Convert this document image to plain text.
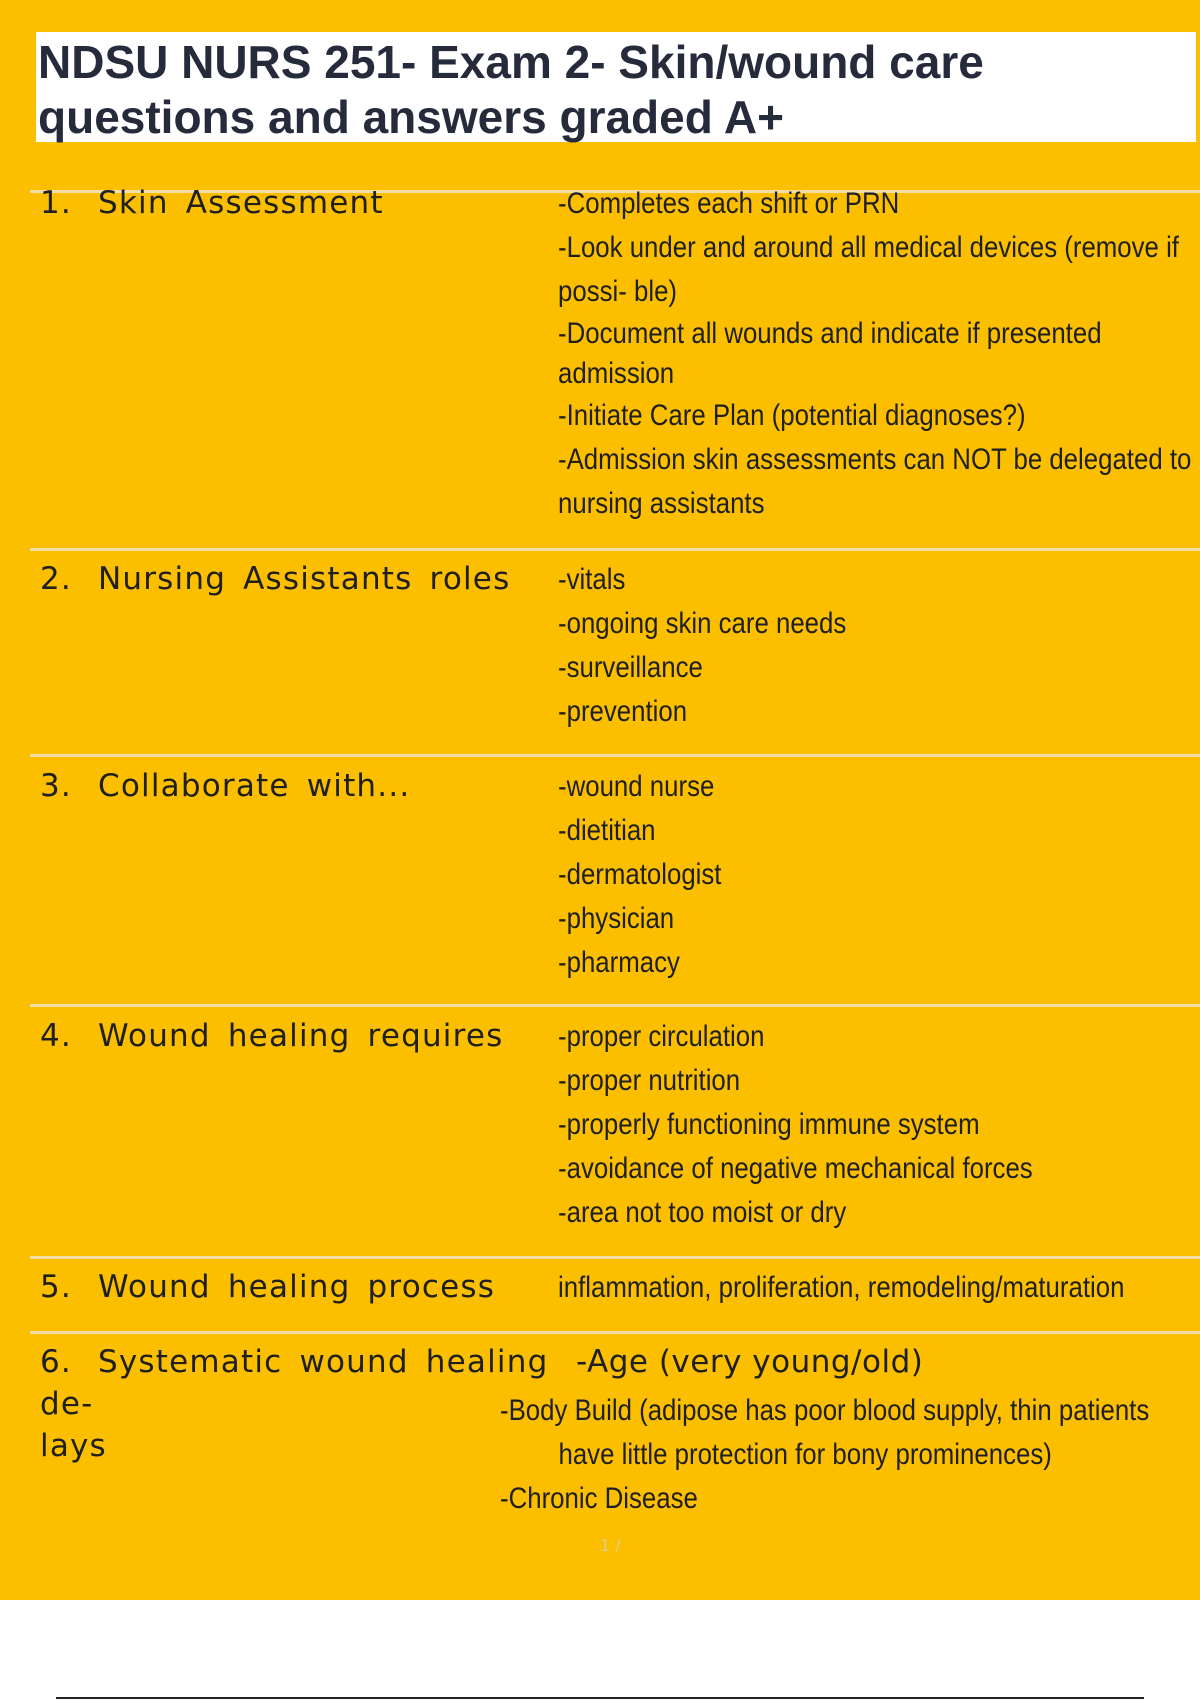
NDSU NURS 251- Exam 2- Skin/wound care questions and answers graded A+
1. Skin Assessment	-Completes each shift or PRN
-Look under and around all medical devices (remove if
possi- ble)
-Document all wounds and indicate if presented
admission
-Initiate Care Plan (potential diagnoses?)
-Admission skin assessments can NOT be delegated to
nursing assistants
2. Nursing Assistants roles	-vitals
-ongoing skin care needs
-surveillance
-prevention
3. Collaborate with...	-wound nurse
-dietitian
-dermatologist
-physician
-pharmacy
4. Wound healing requires	-proper circulation
-proper nutrition
-properly functioning immune system
-avoidance of negative mechanical forces
-area not too moist or dry
5. Wound healing process	inflammation, proliferation, remodeling/maturation
6. Systematic wound healing de-
lays
-Age (very young/old)
-Body Build (adipose has poor blood supply, thin patients
have little protection for bony prominences)
-Chronic Disease
1 /
